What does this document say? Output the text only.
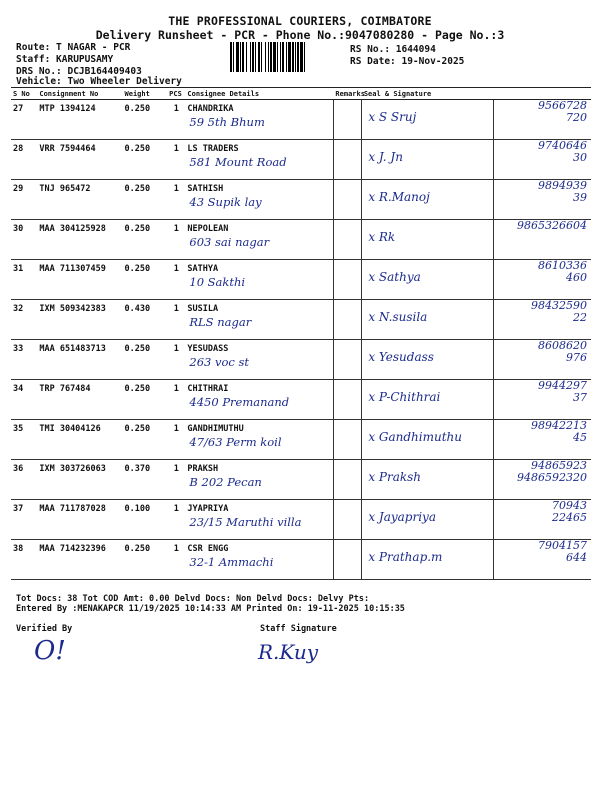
THE PROFESSIONAL COURIERS, COIMBATORE
Delivery Runsheet - PCR - Phone No.:9047080280 - Page No.:3
Route: T NAGAR - PCR
Staff: KARUPUSAMY
DRS No.: DCJB164409403
Vehicle: Two Wheeler Delivery
RS No.: 1644094
RS Date: 19-Nov-2025
S No	Consignment No	Weight	PCS	Consignee Details	Remarks	Seal & Signature	
27	MTP 1394124	0.250	1	CHANDRIKA
59 5th Bhum		x S Sruj	9566728
720

28	VRR 7594464	0.250	1	LS TRADERS
581 Mount Road		x J. Jn	9740646
30

29	TNJ 965472	0.250	1	SATHISH
43 Supik lay		x R.Manoj	9894939
39

30	MAA 304125928	0.250	1	NEPOLEAN
603 sai nagar		x Rk	9865326604

31	MAA 711307459	0.250	1	SATHYA
10 Sakthi		x Sathya	8610336
460

32	IXM 509342383	0.430	1	SUSILA
RLS nagar		x N.susila	98432590
22

33	MAA 651483713	0.250	1	YESUDASS
263 voc st		x Yesudass	8608620
976

34	TRP 767484	0.250	1	CHITHRAI
4450 Premanand		x P-Chithrai	9944297
37

35	TMI 30404126	0.250	1	GANDHIMUTHU
47/63 Perm koil		x Gandhimuthu	98942213
45

36	IXM 303726063	0.370	1	PRAKSH
B 202 Pecan		x Praksh	94865923
9486592320

37	MAA 711787028	0.100	1	JYAPRIYA
23/15 Maruthi villa		x Jayapriya	70943
22465

38	MAA 714232396	0.250	1	CSR ENGG
32-1 Ammachi		x Prathap.m	7904157
644
Tot Docs: 38 Tot COD Amt: 0.00 Delvd Docs: Non Delvd Docs: Delvy Pts:
Entered By :MENAKAPCR 11/19/2025 10:14:33 AM Printed On: 19-11-2025 10:15:35
Verified By	Staff Signature
O!	R.Kuy
